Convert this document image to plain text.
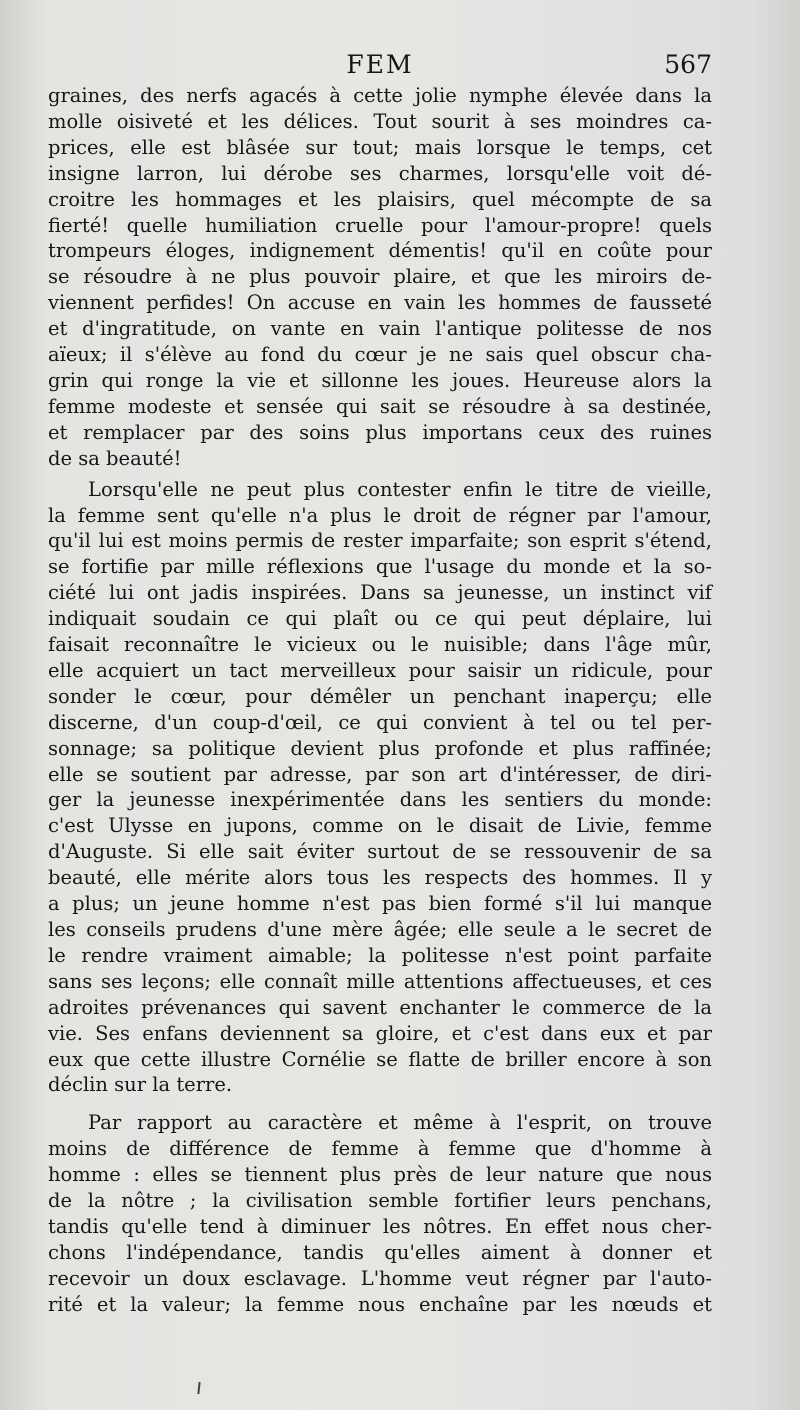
FEM	567
graines, des nerfs agacés à cette jolie nymphe élevée dans la
molle oisiveté et les délices. Tout sourit à ses moindres ca-
prices, elle est blâsée sur tout; mais lorsque le temps, cet
insigne larron, lui dérobe ses charmes, lorsqu'elle voit dé-
croitre les hommages et les plaisirs, quel mécompte de sa
fierté! quelle humiliation cruelle pour l'amour-propre! quels
trompeurs éloges, indignement démentis! qu'il en coûte pour
se résoudre à ne plus pouvoir plaire, et que les miroirs de-
viennent perfides! On accuse en vain les hommes de fausseté
et d'ingratitude, on vante en vain l'antique politesse de nos
aïeux; il s'élève au fond du cœur je ne sais quel obscur cha-
grin qui ronge la vie et sillonne les joues. Heureuse alors la
femme modeste et sensée qui sait se résoudre à sa destinée,
et remplacer par des soins plus importans ceux des ruines
de sa beauté!
Lorsqu'elle ne peut plus contester enfin le titre de vieille,
la femme sent qu'elle n'a plus le droit de régner par l'amour,
qu'il lui est moins permis de rester imparfaite; son esprit s'étend,
se fortifie par mille réflexions que l'usage du monde et la so-
ciété lui ont jadis inspirées. Dans sa jeunesse, un instinct vif
indiquait soudain ce qui plaît ou ce qui peut déplaire, lui
faisait reconnaître le vicieux ou le nuisible; dans l'âge mûr,
elle acquiert un tact merveilleux pour saisir un ridicule, pour
sonder le cœur, pour démêler un penchant inaperçu; elle
discerne, d'un coup-d'œil, ce qui convient à tel ou tel per-
sonnage; sa politique devient plus profonde et plus raffinée;
elle se soutient par adresse, par son art d'intéresser, de diri-
ger la jeunesse inexpérimentée dans les sentiers du monde:
c'est Ulysse en jupons, comme on le disait de Livie, femme
d'Auguste. Si elle sait éviter surtout de se ressouvenir de sa
beauté, elle mérite alors tous les respects des hommes. Il y
a plus; un jeune homme n'est pas bien formé s'il lui manque
les conseils prudens d'une mère âgée; elle seule a le secret de
le rendre vraiment aimable; la politesse n'est point parfaite
sans ses leçons; elle connaît mille attentions affectueuses, et ces
adroites prévenances qui savent enchanter le commerce de la
vie. Ses enfans deviennent sa gloire, et c'est dans eux et par
eux que cette illustre Cornélie se flatte de briller encore à son
déclin sur la terre.
Par rapport au caractère et même à l'esprit, on trouve
moins de différence de femme à femme que d'homme à
homme : elles se tiennent plus près de leur nature que nous
de la nôtre ; la civilisation semble fortifier leurs penchans,
tandis qu'elle tend à diminuer les nôtres. En effet nous cher-
chons l'indépendance, tandis qu'elles aiment à donner et
recevoir un doux esclavage. L'homme veut régner par l'auto-
rité et la valeur; la femme nous enchaîne par les nœuds et
